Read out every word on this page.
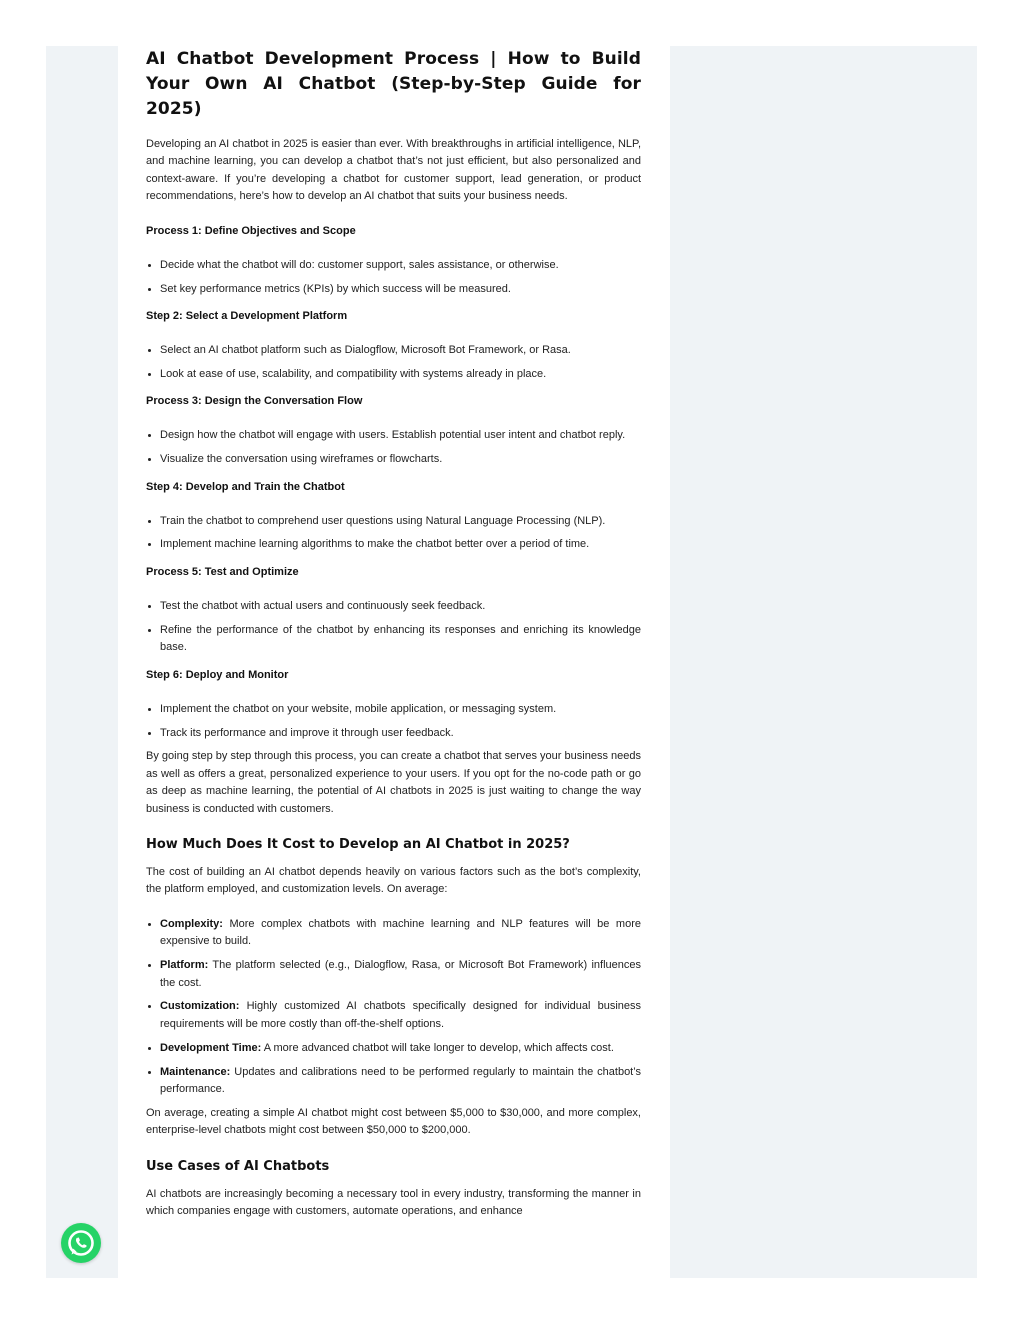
AI Chatbot Development Process | How to Build Your Own AI Chatbot (Step-by-Step Guide for 2025)

Developing an AI chatbot in 2025 is easier than ever. With breakthroughs in artificial intelligence, NLP, and machine learning, you can develop a chatbot that’s not just efficient, but also personalized and context-aware. If you’re developing a chatbot for customer support, lead generation, or product recommendations, here’s how to develop an AI chatbot that suits your business needs.

Process 1: Define Objectives and Scope
• Decide what the chatbot will do: customer support, sales assistance, or otherwise.
• Set key performance metrics (KPIs) by which success will be measured.
Step 2: Select a Development Platform
• Select an AI chatbot platform such as Dialogflow, Microsoft Bot Framework, or Rasa.
• Look at ease of use, scalability, and compatibility with systems already in place.
Process 3: Design the Conversation Flow
• Design how the chatbot will engage with users. Establish potential user intent and chatbot reply.
• Visualize the conversation using wireframes or flowcharts.
Step 4: Develop and Train the Chatbot
• Train the chatbot to comprehend user questions using Natural Language Processing (NLP).
• Implement machine learning algorithms to make the chatbot better over a period of time.
Process 5: Test and Optimize
• Test the chatbot with actual users and continuously seek feedback.
• Refine the performance of the chatbot by enhancing its responses and enriching its knowledge base.
Step 6: Deploy and Monitor
• Implement the chatbot on your website, mobile application, or messaging system.
• Track its performance and improve it through user feedback.

By going step by step through this process, you can create a chatbot that serves your business needs as well as offers a great, personalized experience to your users. If you opt for the no-code path or go as deep as machine learning, the potential of AI chatbots in 2025 is just waiting to change the way business is conducted with customers.

How Much Does It Cost to Develop an AI Chatbot in 2025?

The cost of building an AI chatbot depends heavily on various factors such as the bot’s complexity, the platform employed, and customization levels. On average:

• Complexity: More complex chatbots with machine learning and NLP features will be more expensive to build.
• Platform: The platform selected (e.g., Dialogflow, Rasa, or Microsoft Bot Framework) influences the cost.
• Customization: Highly customized AI chatbots specifically designed for individual business requirements will be more costly than off-the-shelf options.
• Development Time: A more advanced chatbot will take longer to develop, which affects cost.
• Maintenance: Updates and calibrations need to be performed regularly to maintain the chatbot’s performance.

On average, creating a simple AI chatbot might cost between $5,000 to $30,000, and more complex, enterprise-level chatbots might cost between $50,000 to $200,000.

Use Cases of AI Chatbots

AI chatbots are increasingly becoming a necessary tool in every industry, transforming the manner in which companies engage with customers, automate operations, and enhance
